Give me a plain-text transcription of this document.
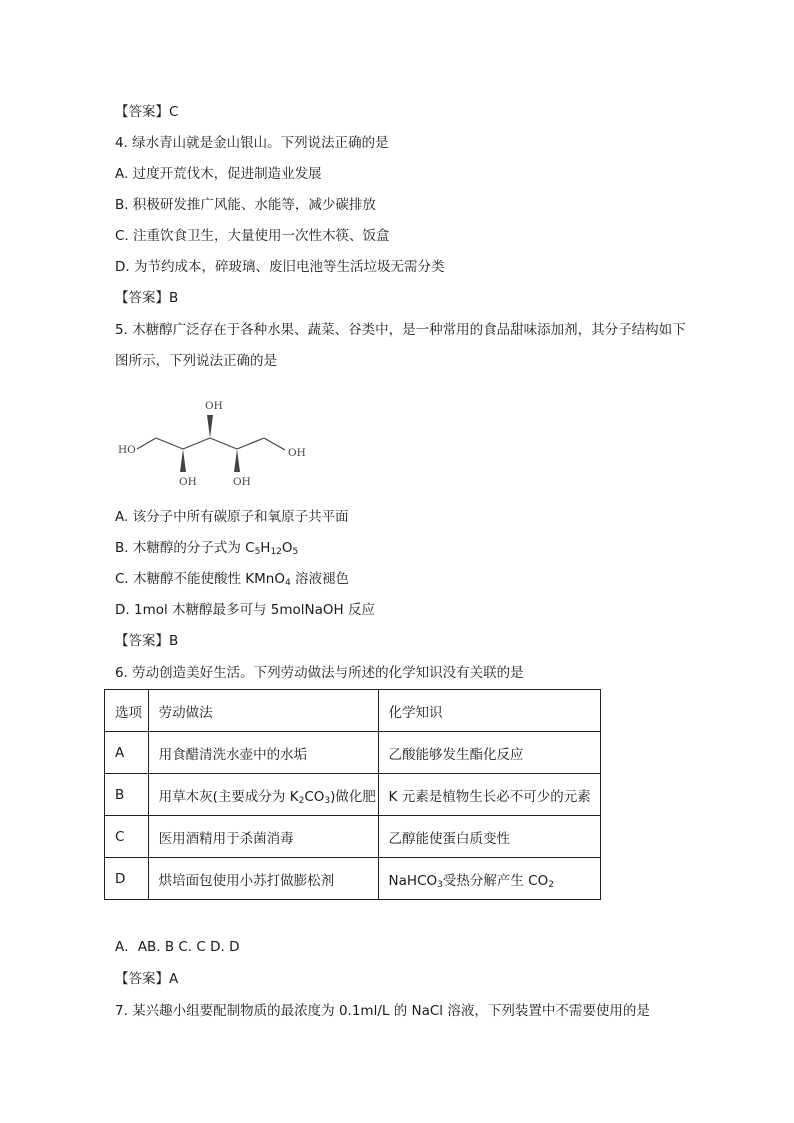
【答案】C
4. 绿水青山就是金山银山。下列说法正确的是
A. 过度开荒伐木，促进制造业发展
B. 积极研发推广风能、水能等，减少碳排放
C. 注重饮食卫生，大量使用一次性木筷、饭盒
D. 为节约成本，碎玻璃、废旧电池等生活垃圾无需分类
【答案】B
5. 木糖醇广泛存在于各种水果、蔬菜、谷类中，是一种常用的食品甜味添加剂，其分子结构如下
图所示，下列说法正确的是
HO	OH
OH
OH	OH
A. 该分子中所有碳原子和氧原子共平面
B. 木糖醇的分子式为 $C_5H_{12}O_5$
C. 木糖醇不能使酸性 KMnO$_4$ 溶液褪色
D. 1mol 木糖醇最多可与 5molNaOH 反应
【答案】B
6. 劳动创造美好生活。下列劳动做法与所述的化学知识没有关联的是
选项	劳动做法	化学知识
A	用食醋清洗水壶中的水垢	乙酸能够发生酯化反应
B	用草木灰(主要成分为 $K_2CO_3$)做化肥	K 元素是植物生长必不可少的元素
C	医用酒精用于杀菌消毒	乙醇能使蛋白质变性
D	烘培面包使用小苏打做膨松剂	NaHCO$_3$受热分解产生 $CO_2$
A．AB. B C. C D. D
【答案】A
7. 某兴趣小组要配制物质的最浓度为 0.1ml/L 的 NaCl 溶液，下列装置中不需要使用的是
